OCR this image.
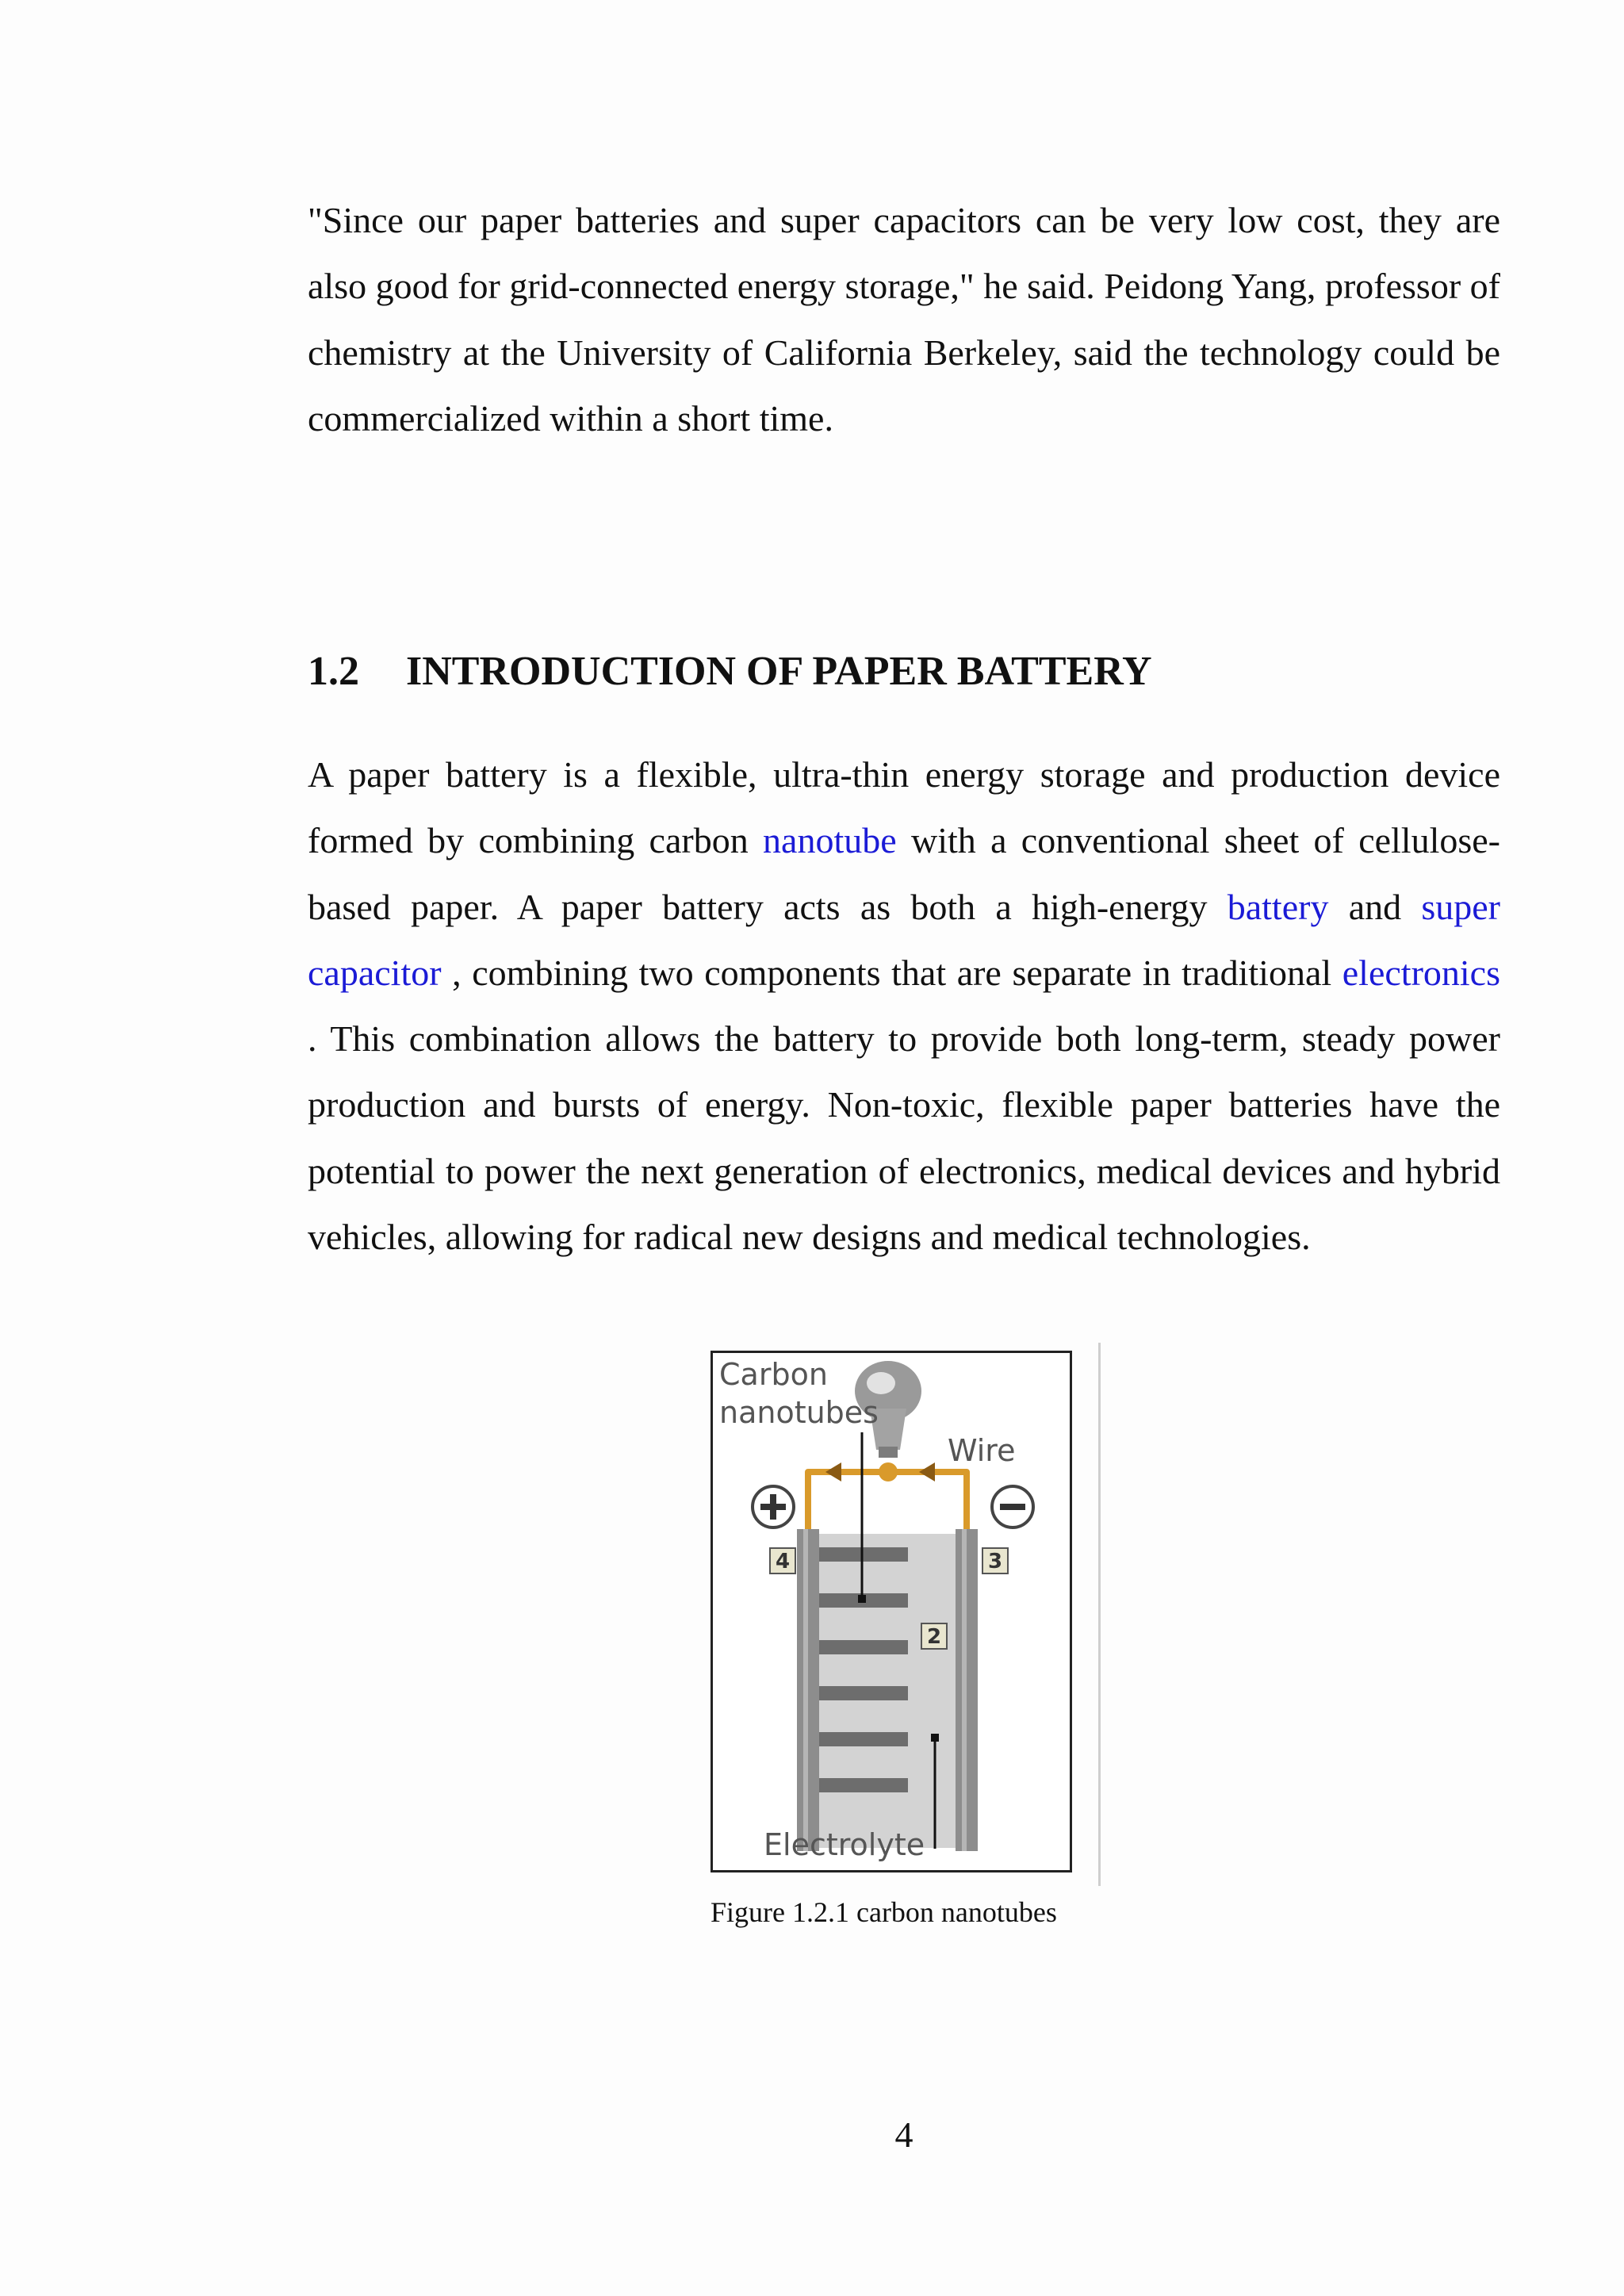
"Since our paper batteries and super capacitors can be very low cost, they are also good for grid-connected energy storage," he said. Peidong Yang, professor of chemistry at the University of California Berkeley, said the technology could be commercialized within a short time.

1.2 INTRODUCTION OF PAPER BATTERY

A paper battery is a flexible, ultra-thin energy storage and production device formed by combining carbon nanotube with a conventional sheet of cellulose-based paper. A paper battery acts as both a high-energy battery and super capacitor , combining two components that are separate in traditional electronics . This combination allows the battery to provide both long-term, steady power production and bursts of energy. Non-toxic, flexible paper batteries have the potential to power the next generation of electronics, medical devices and hybrid vehicles, allowing for radical new designs and medical technologies.

4	3
2
Carbon
nanotubes
Wire
Electrolyte

Figure 1.2.1 carbon nanotubes

4
